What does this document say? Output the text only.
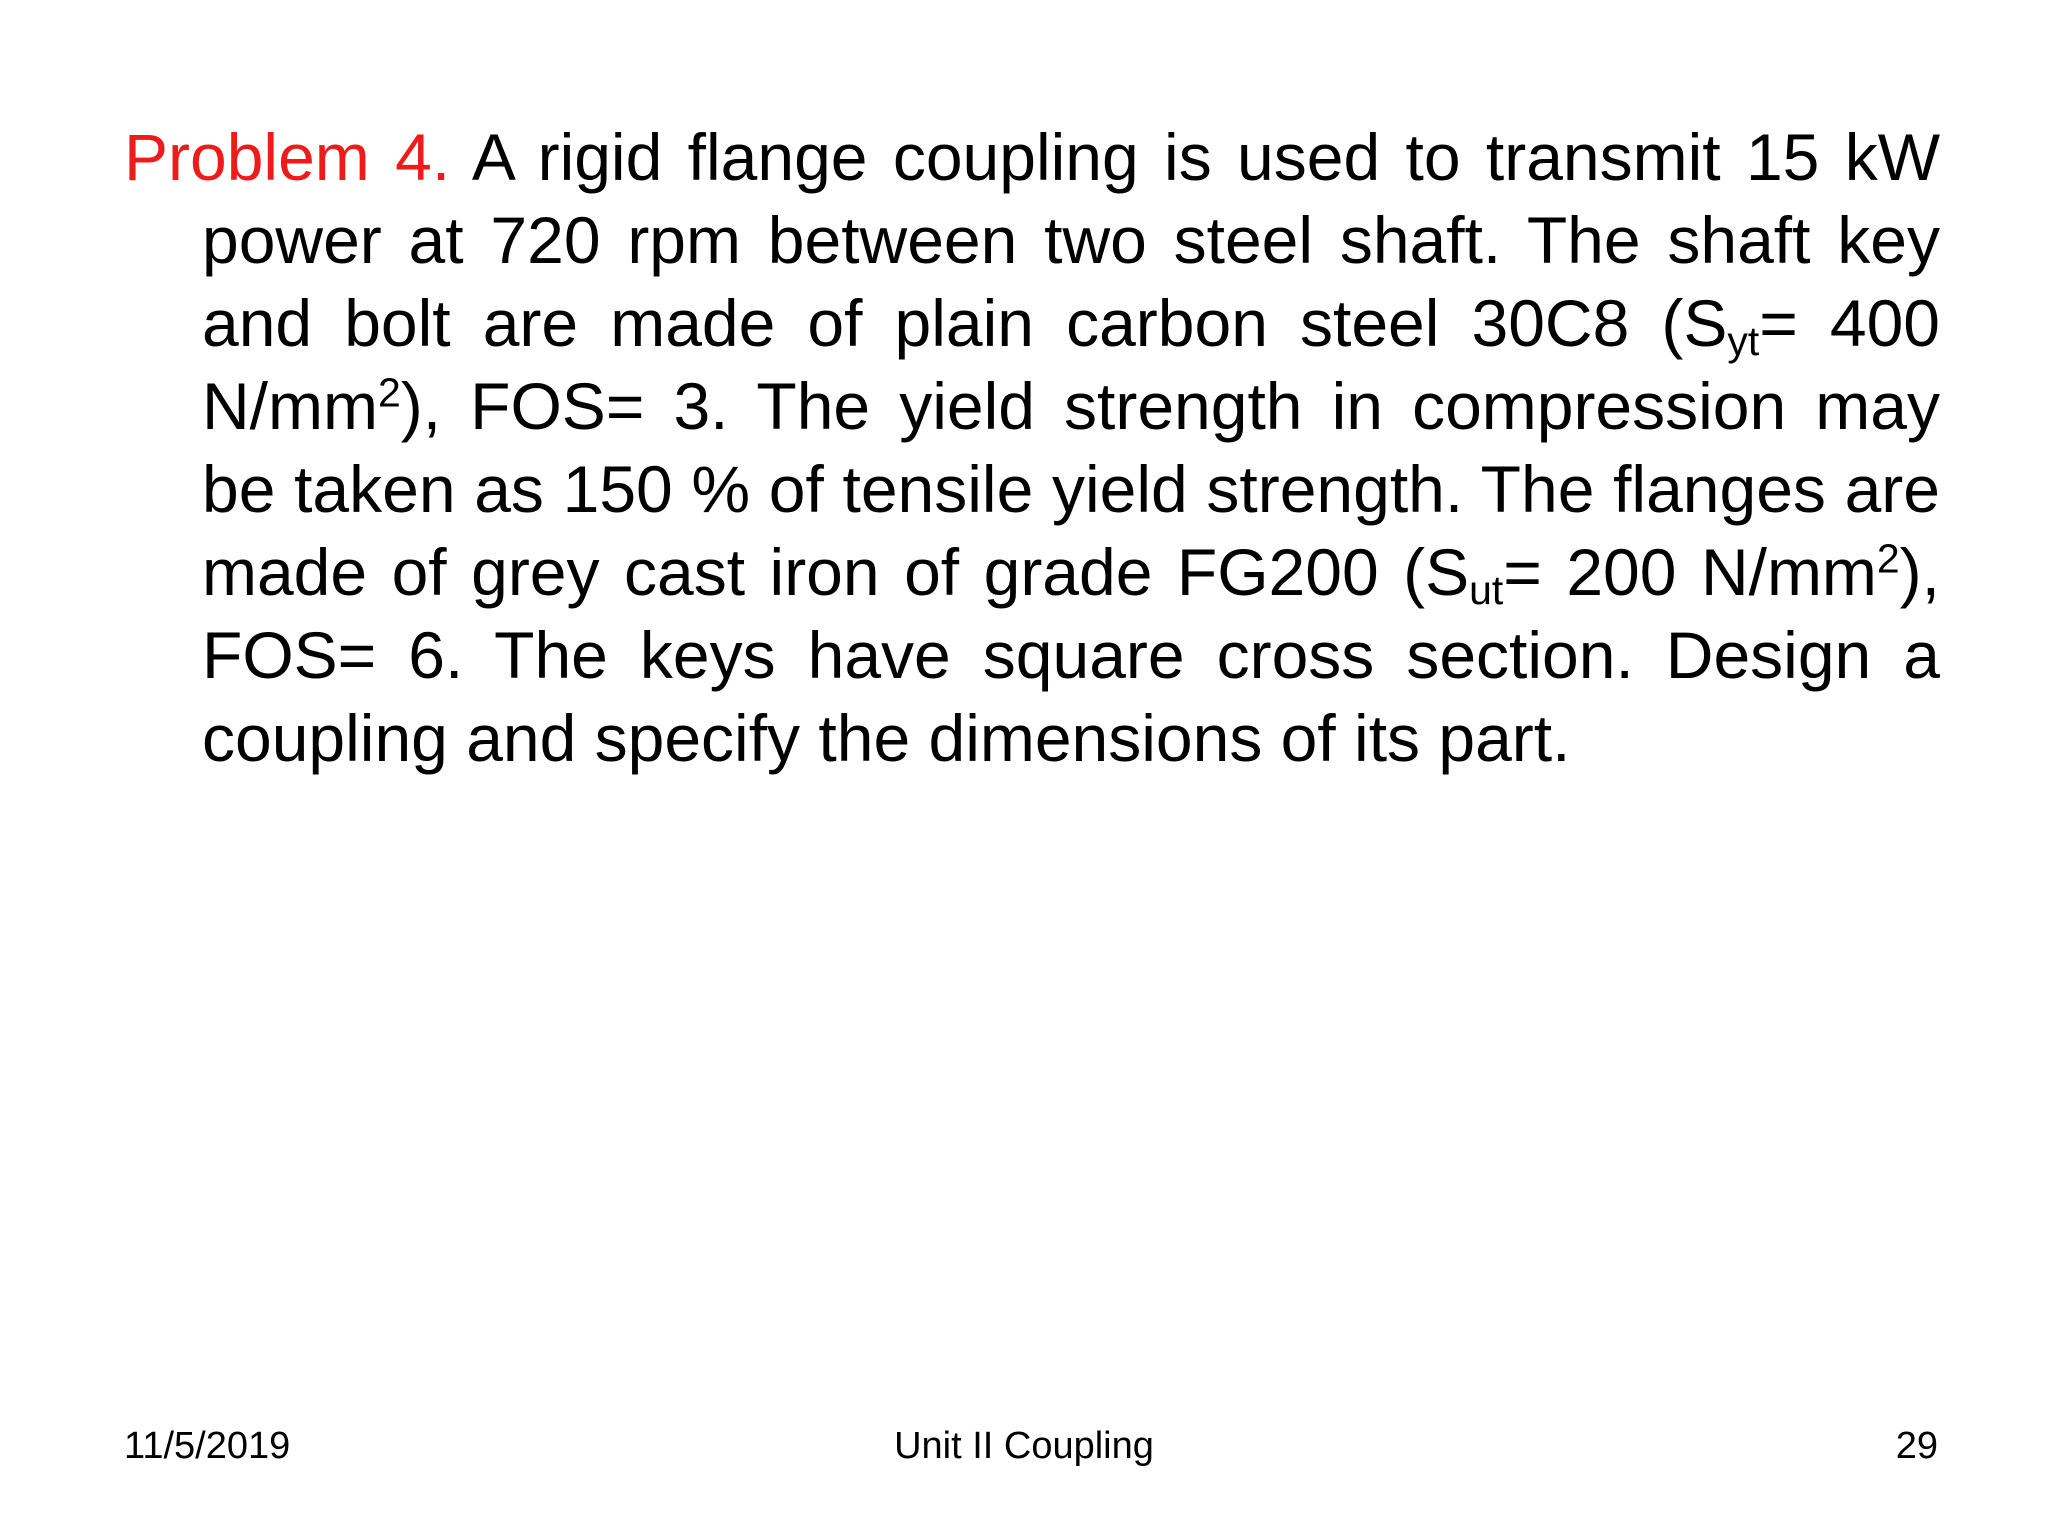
Problem 4. A rigid flange coupling is used to transmit 15 kW power at 720 rpm between two steel shaft. The shaft key and bolt are made of plain carbon steel 30C8 ($S_{yt}= 400$ $N/mm^2$), FOS= 3. The yield strength in compression may be taken as 150 % of tensile yield strength. The flanges are made of grey cast iron of grade FG200 ($S_{ut}= 200$ $N/mm^2$), FOS= 6. The keys have square cross section. Design a coupling and specify the dimensions of its part.
11/5/2019	Unit II Coupling	29
